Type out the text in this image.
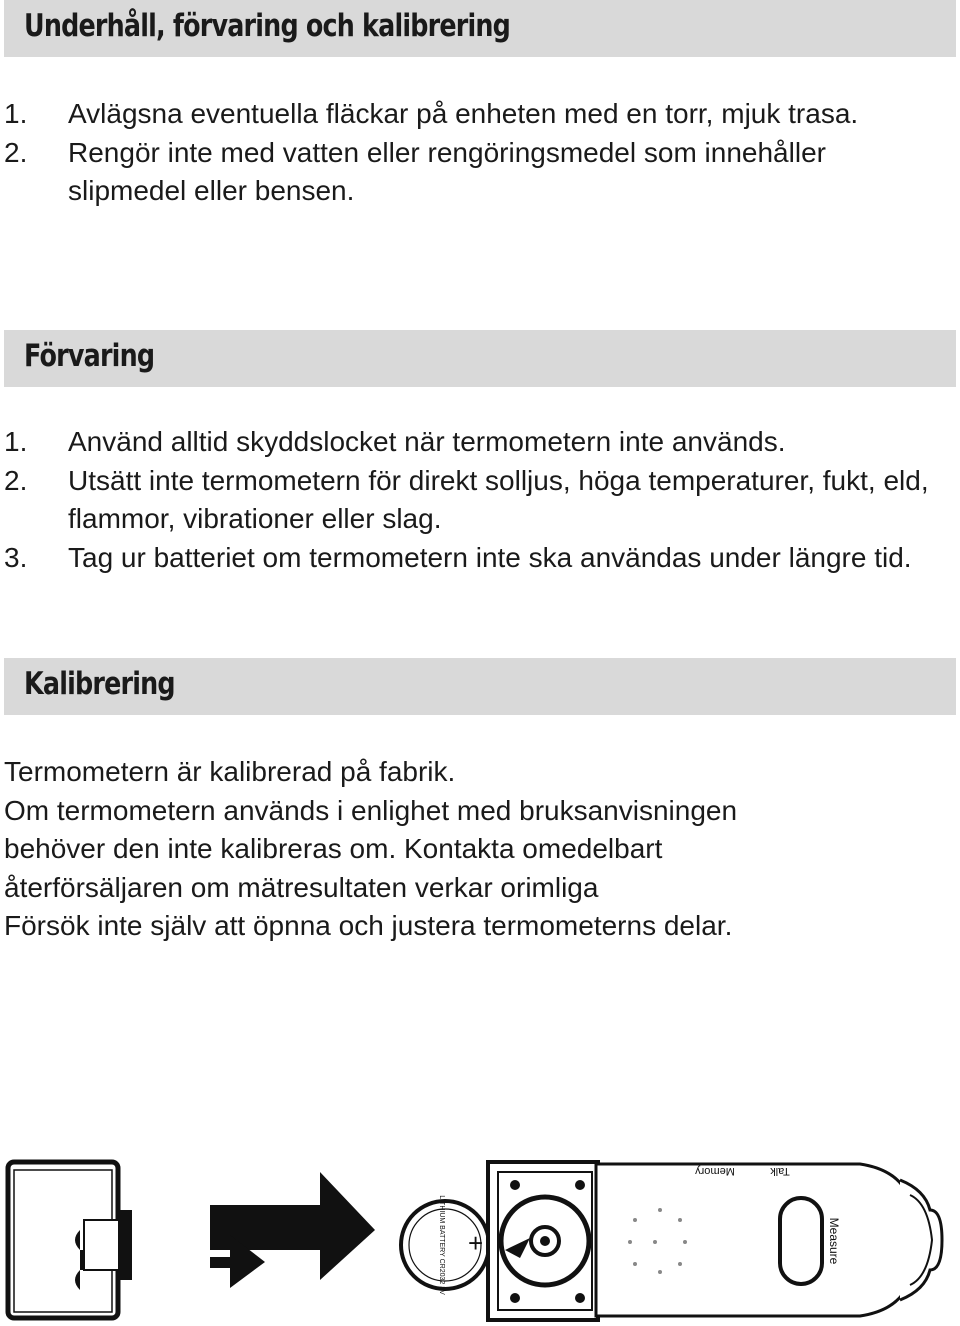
Underhåll, förvaring och kalibrering
1. Avlägsna eventuella fläckar på enheten med en torr, mjuk trasa.
2. Rengör inte med vatten eller rengöringsmedel som innehåller slipmedel eller bensen.
Förvaring
1. Använd alltid skyddslocket när termometern inte används.
2. Utsätt inte termometern för direkt solljus, höga temperaturer, fukt, eld, flammor, vibrationer eller slag.
3. Tag ur batteriet om termometern inte ska användas under längre tid.
Kalibrering
Termometern är kalibrerad på fabrik.
Om termometern används i enlighet med bruksanvisningen
behöver den inte kalibreras om. Kontakta omedelbart
återförsäljaren om mätresultaten verkar orimliga
Försök inte själv att öpnna och justera termometerns delar.
LITHIUM BATTERY CR2032 3V +
Memory	Talk
Measure
